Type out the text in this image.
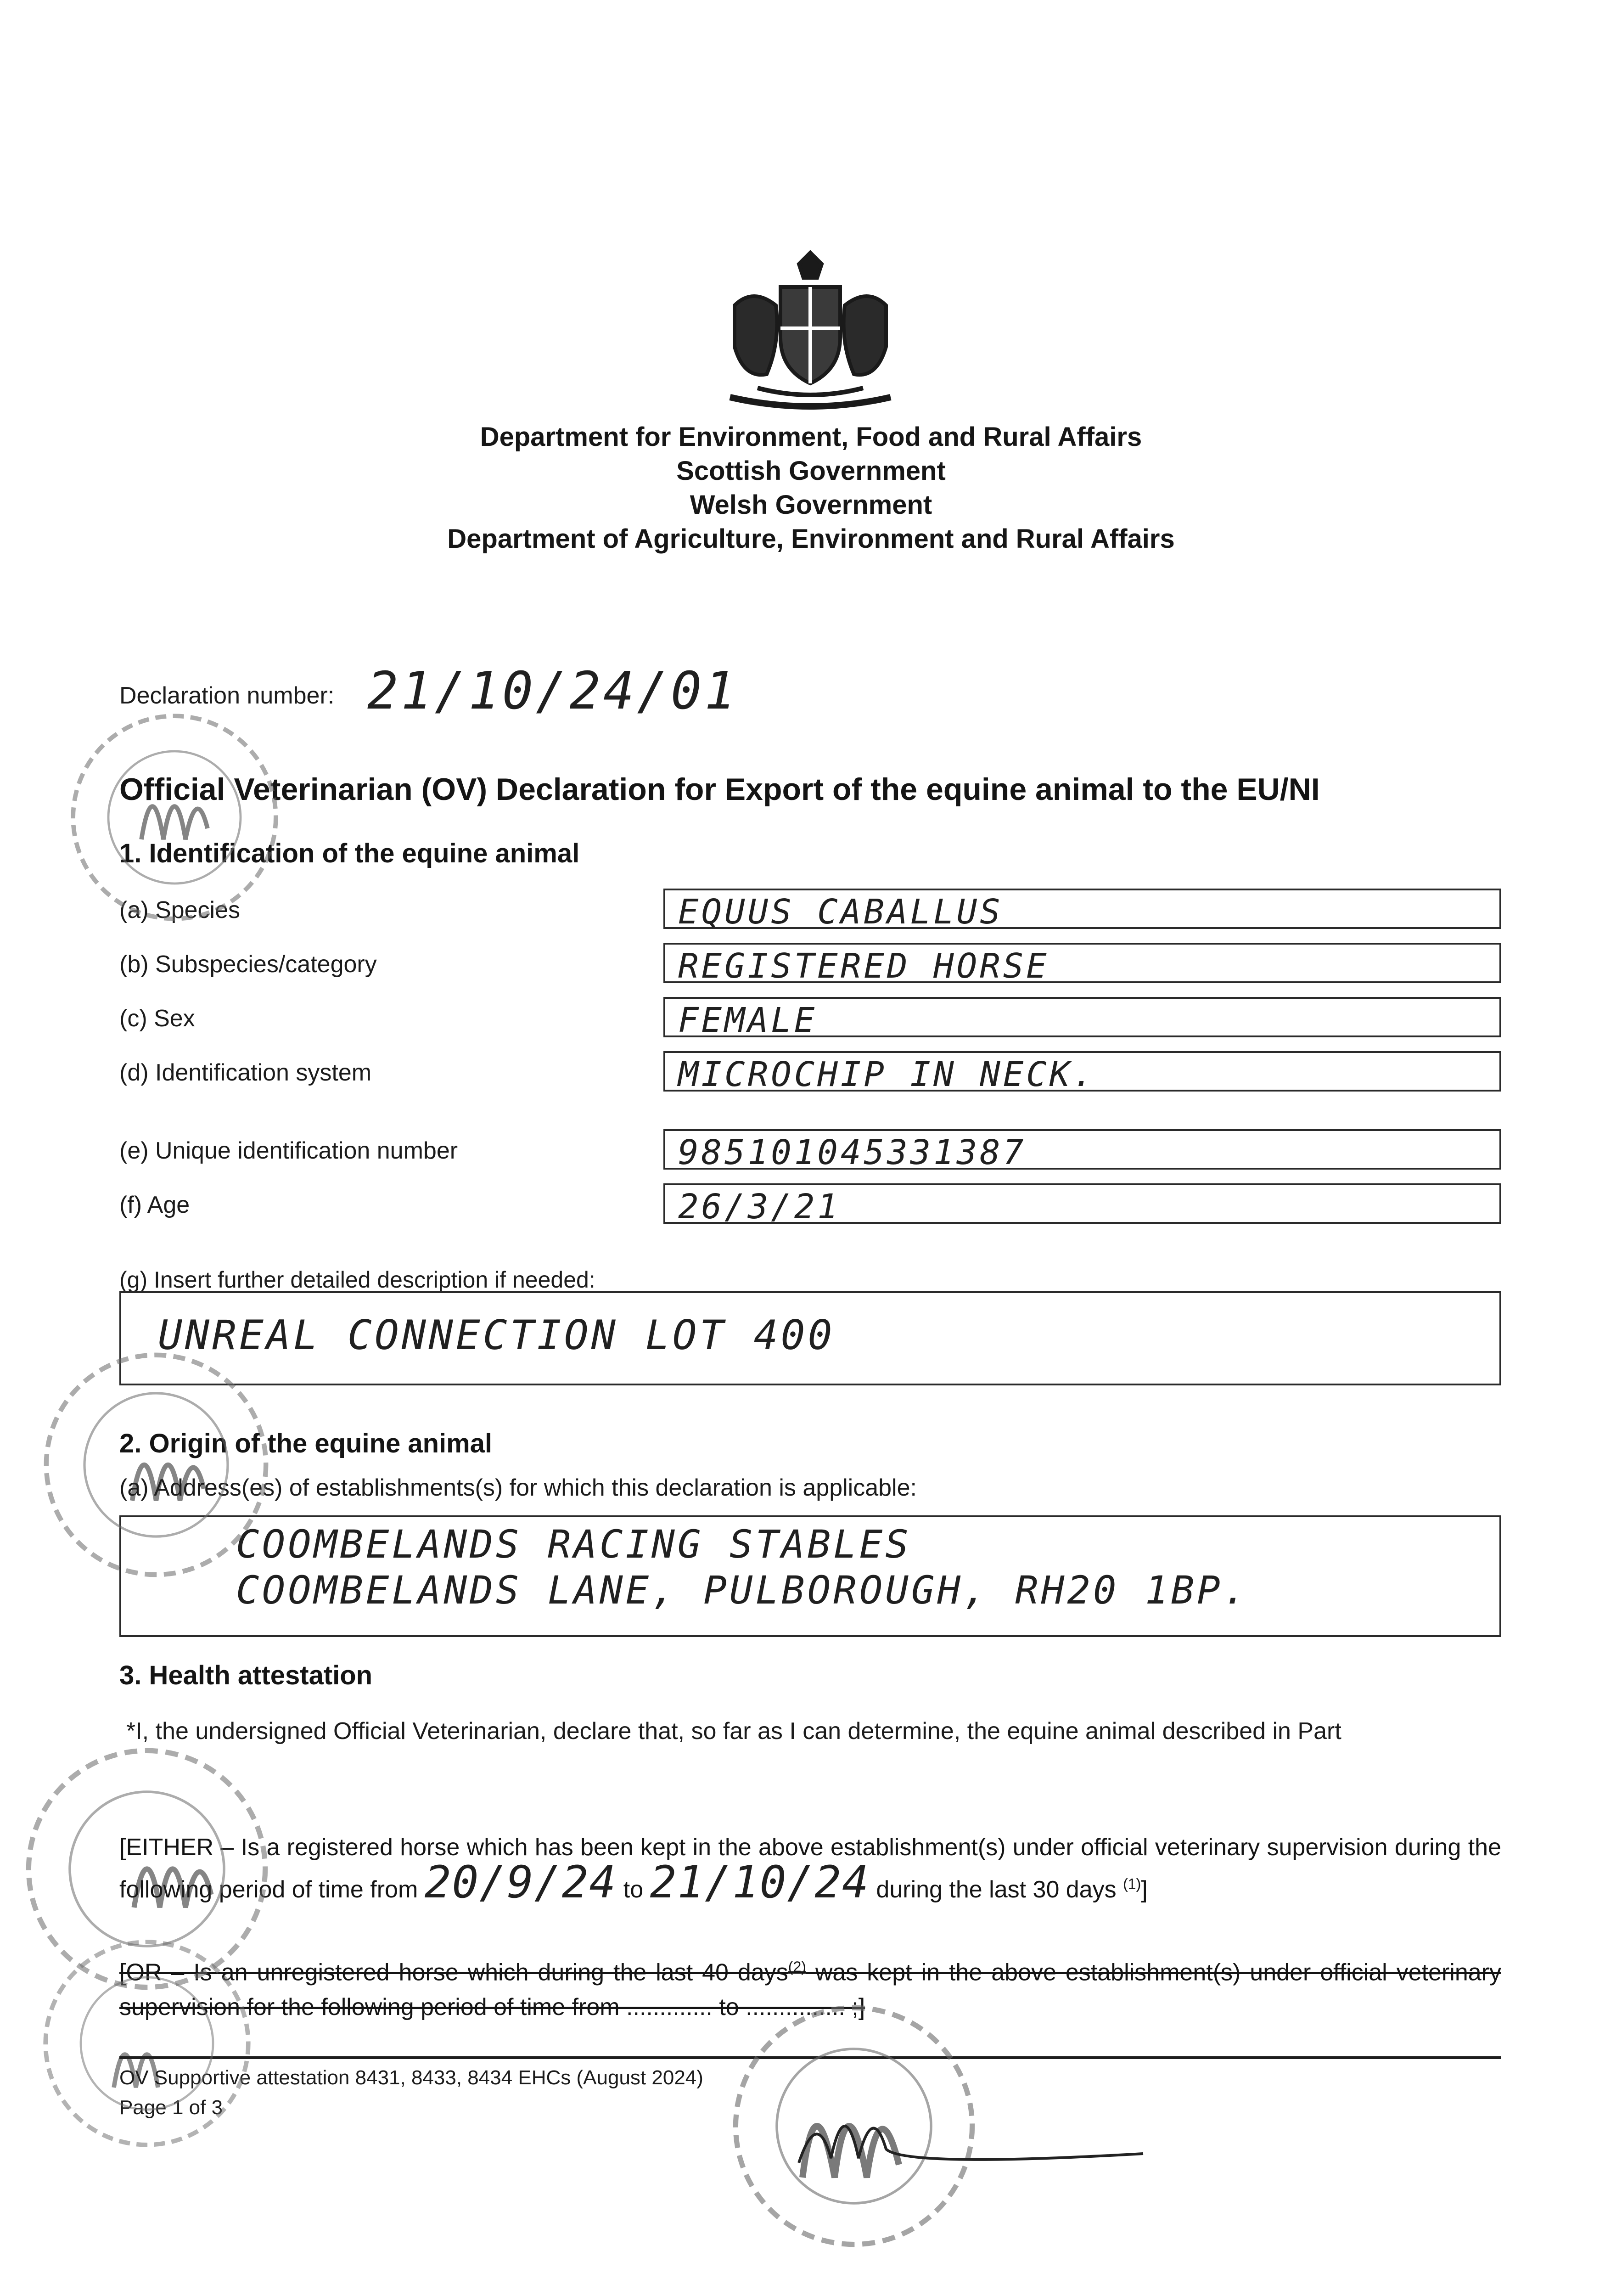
Department for Environment, Food and Rural Affairs
Scottish Government
Welsh Government
Department of Agriculture, Environment and Rural Affairs
Declaration number: 21/10/24/01
Official Veterinarian (OV) Declaration for Export of the equine animal to the EU/NI
1. Identification of the equine animal
(a) Species	EQUUS CABALLUS
(b) Subspecies/category	REGISTERED HORSE
(c) Sex	FEMALE
(d) Identification system	MICROCHIP IN NECK.
(e) Unique identification number	985101045331387
(f) Age	26/3/21
(g) Insert further detailed description if needed:
UNREAL CONNECTION LOT 400
2. Origin of the equine animal
(a) Address(es) of establishments(s) for which this declaration is applicable:
COOMBELANDS RACING STABLES
COOMBELANDS LANE, PULBOROUGH, RH20 1BP.
3. Health attestation
*I, the undersigned Official Veterinarian, declare that, so far as I can determine, the equine animal described in Part
[EITHER – Is a registered horse which has been kept in the above establishment(s) under official veterinary supervision during the following period of time from 20/9/24 to 21/10/24 during the last 30 days $^{(1)}$]
[OR – Is an unregistered horse which during the last 40 days$^{(2)}$ was kept in the above establishment(s) under official veterinary supervision for the following period of time from ............. to ............... ;]
OV Supportive attestation 8431, 8433, 8434 EHCs (August 2024)
Page 1 of 3
